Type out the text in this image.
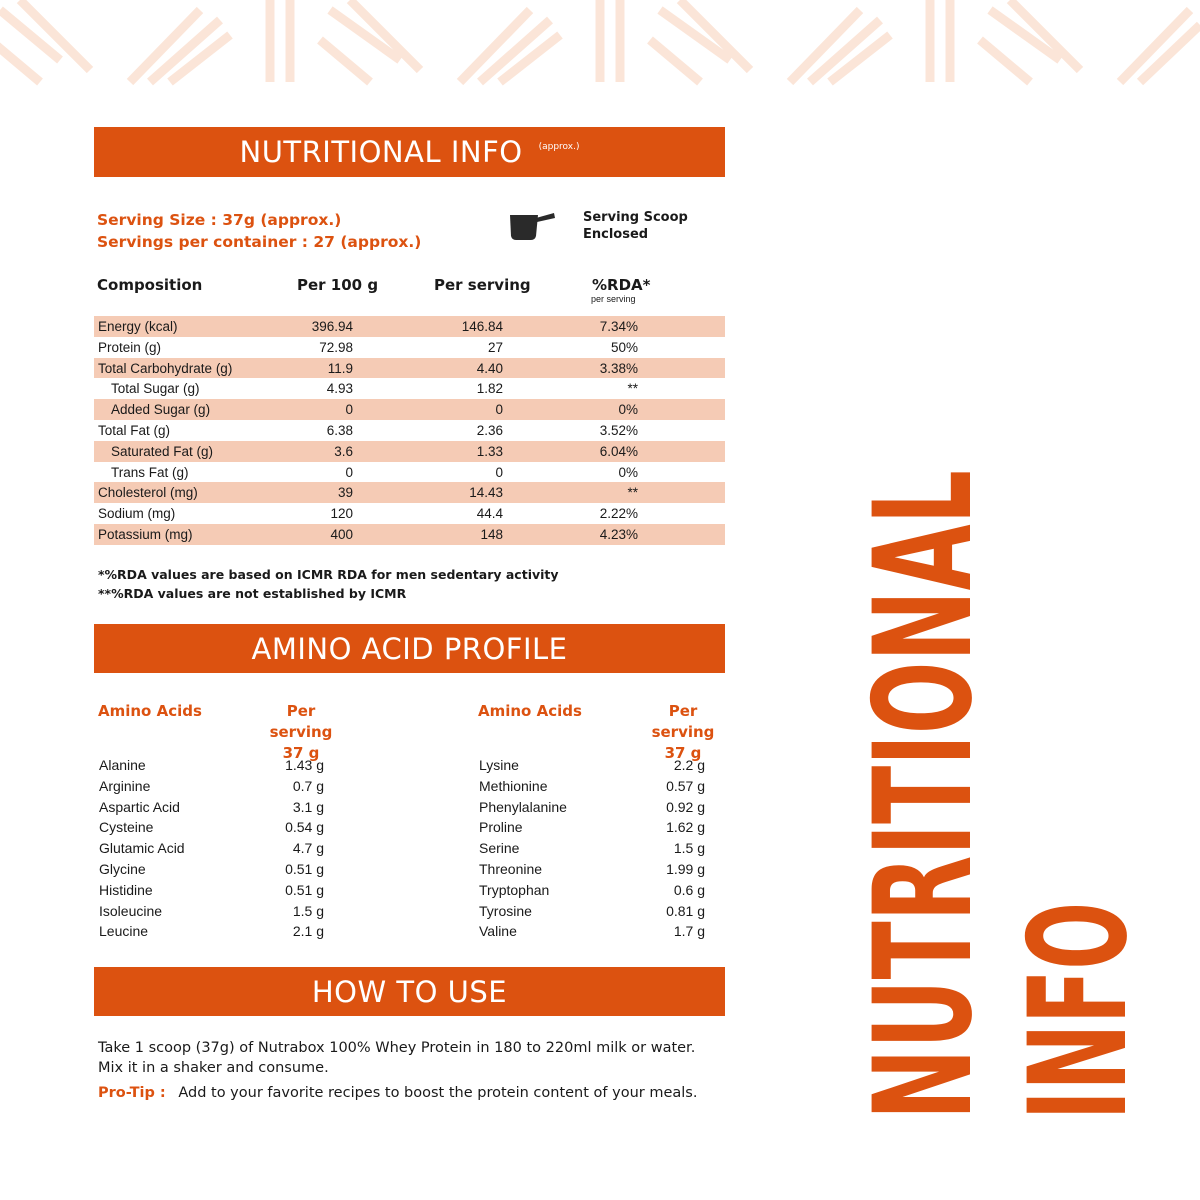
NUTRITIONAL INFO (approx.)
Serving Size : 37g (approx.)
Servings per container : 27 (approx.)
Serving Scoop
Enclosed
Composition	Per 100 g	Per serving	%RDA*
per serving
Energy (kcal)	396.94	146.84	7.34%
Protein (g)	72.98	27	50%
Total Carbohydrate (g)	11.9	4.40	3.38%
Total Sugar (g)	4.93	1.82	**
Added Sugar (g)	0	0	0%
Total Fat (g)	6.38	2.36	3.52%
Saturated Fat (g)	3.6	1.33	6.04%
Trans Fat (g)	0	0	0%
Cholesterol (mg)	39	14.43	**
Sodium (mg)	120	44.4	2.22%
Potassium (mg)	400	148	4.23%
*%RDA values are based on ICMR RDA for men sedentary activity
**%RDA values are not established by ICMR
AMINO ACID PROFILE
Amino Acids	Per serving
37 g
Amino Acids	Per serving
37 g
Alanine	1.43 g
Arginine	0.7 g
Aspartic Acid	3.1 g
Cysteine	0.54 g
Glutamic Acid	4.7 g
Glycine	0.51 g
Histidine	0.51 g
Isoleucine	1.5 g
Leucine	2.1 g
Lysine	2.2 g
Methionine	0.57 g
Phenylalanine	0.92 g
Proline	1.62 g
Serine	1.5 g
Threonine	1.99 g
Tryptophan	0.6 g
Tyrosine	0.81 g
Valine	1.7 g
HOW TO USE
Take 1 scoop (37g) of Nutrabox 100% Whey Protein in 180 to 220ml milk or water. Mix it in a shaker and consume.
Pro-Tip : Add to your favorite recipes to boost the protein content of your meals. NUTRITIONAL
INFO
